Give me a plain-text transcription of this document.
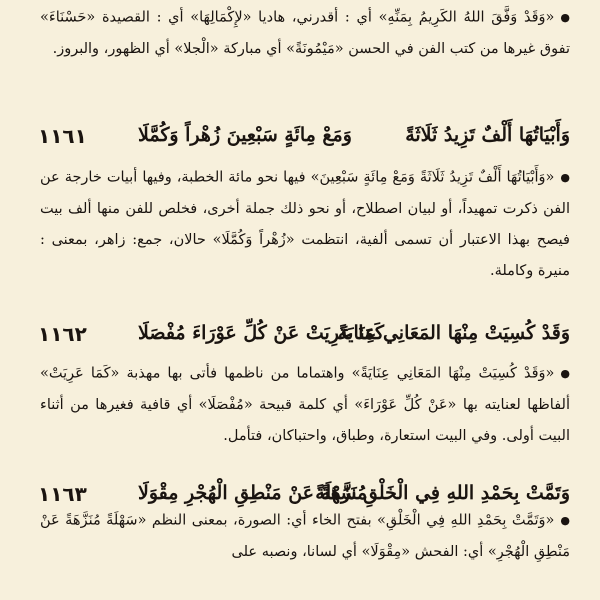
●«وَقَدْ وَفَّقَ اللهُ الكَرِيمُ بِمَنِّهِ» أي : أقدرني، هاديا «لإِكْمَالِهَا» أي : القصيدة «حَسْنَاءَ» تفوق غيرها من كتب الفن في الحسن «مَيْمُونَةً» أي مباركة «الْجلا» أي الظهور، والبروز.
وَأَبْيَاتُهَا أَلْفٌ تَزِيدُ ثَلَاثَةً
وَمَعْ مِائَةٍ سَبْعِينَ زُهْراً وَكُمَّلَا
١١٦١
●«وَأَبْيَاتُهَا أَلْفٌ تَزِيدُ ثَلَاثَةً وَمَعْ مِائَةٍ سَبْعِينَ» فيها نحو مائة الخطبة، وفيها أبيات خارجة عن الفن ذكرت تمهيداً، أو لبيان اصطلاح، أو نحو ذلك جملة أخرى، فخلص للفن منها ألف بيت فيصح بهذا الاعتبار أن تسمى ألفية، انتظمت «زُهْراً وَكُمَّلَا» حالان، جمع: زاهر، بمعنى : منيرة وكاملة.
وَقَدْ كُسِيَتْ مِنْهَا المَعَانِي عِنَايَةً
كَمَا عَرِيَتْ عَنْ كُلِّ عَوْرَاءَ مُفْصَلَا
١١٦٢
●«وَقَدْ كُسِيَتْ مِنْهَا المَعَانِي عِنَايَةً» واهتماما من ناظمها فأتى بها مهذبة «كَمَا عَرِيَتْ» ألفاظها لعنايته بها «عَنْ كُلِّ عَوْرَاءَ» أي كلمة قبيحة «مُفْصَلَا» أي قافية فغيرها من أثناء البيت أولى. وفي البيت استعارة، وطباق، واحتباكان، فتأمل.
وَتَمَّتْ بِحَمْدِ اللهِ فِي الْخَلْقِ سَهْلَةً
مُنَزَّهَةً عَنْ مَنْطِقِ الْهُجْرِ مِقْوَلَا
١١٦٣
●«وَتَمَّتْ بِحَمْدِ اللهِ فِي الْخَلْقِ» بفتح الخاء أي: الصورة، بمعنى النظم «سَهْلَةً مُنَزَّهَةً عَنْ مَنْطِقِ الْهُجْرِ» أي: الفحش «مِقْوَلَا» أي لسانا، ونصبه على
